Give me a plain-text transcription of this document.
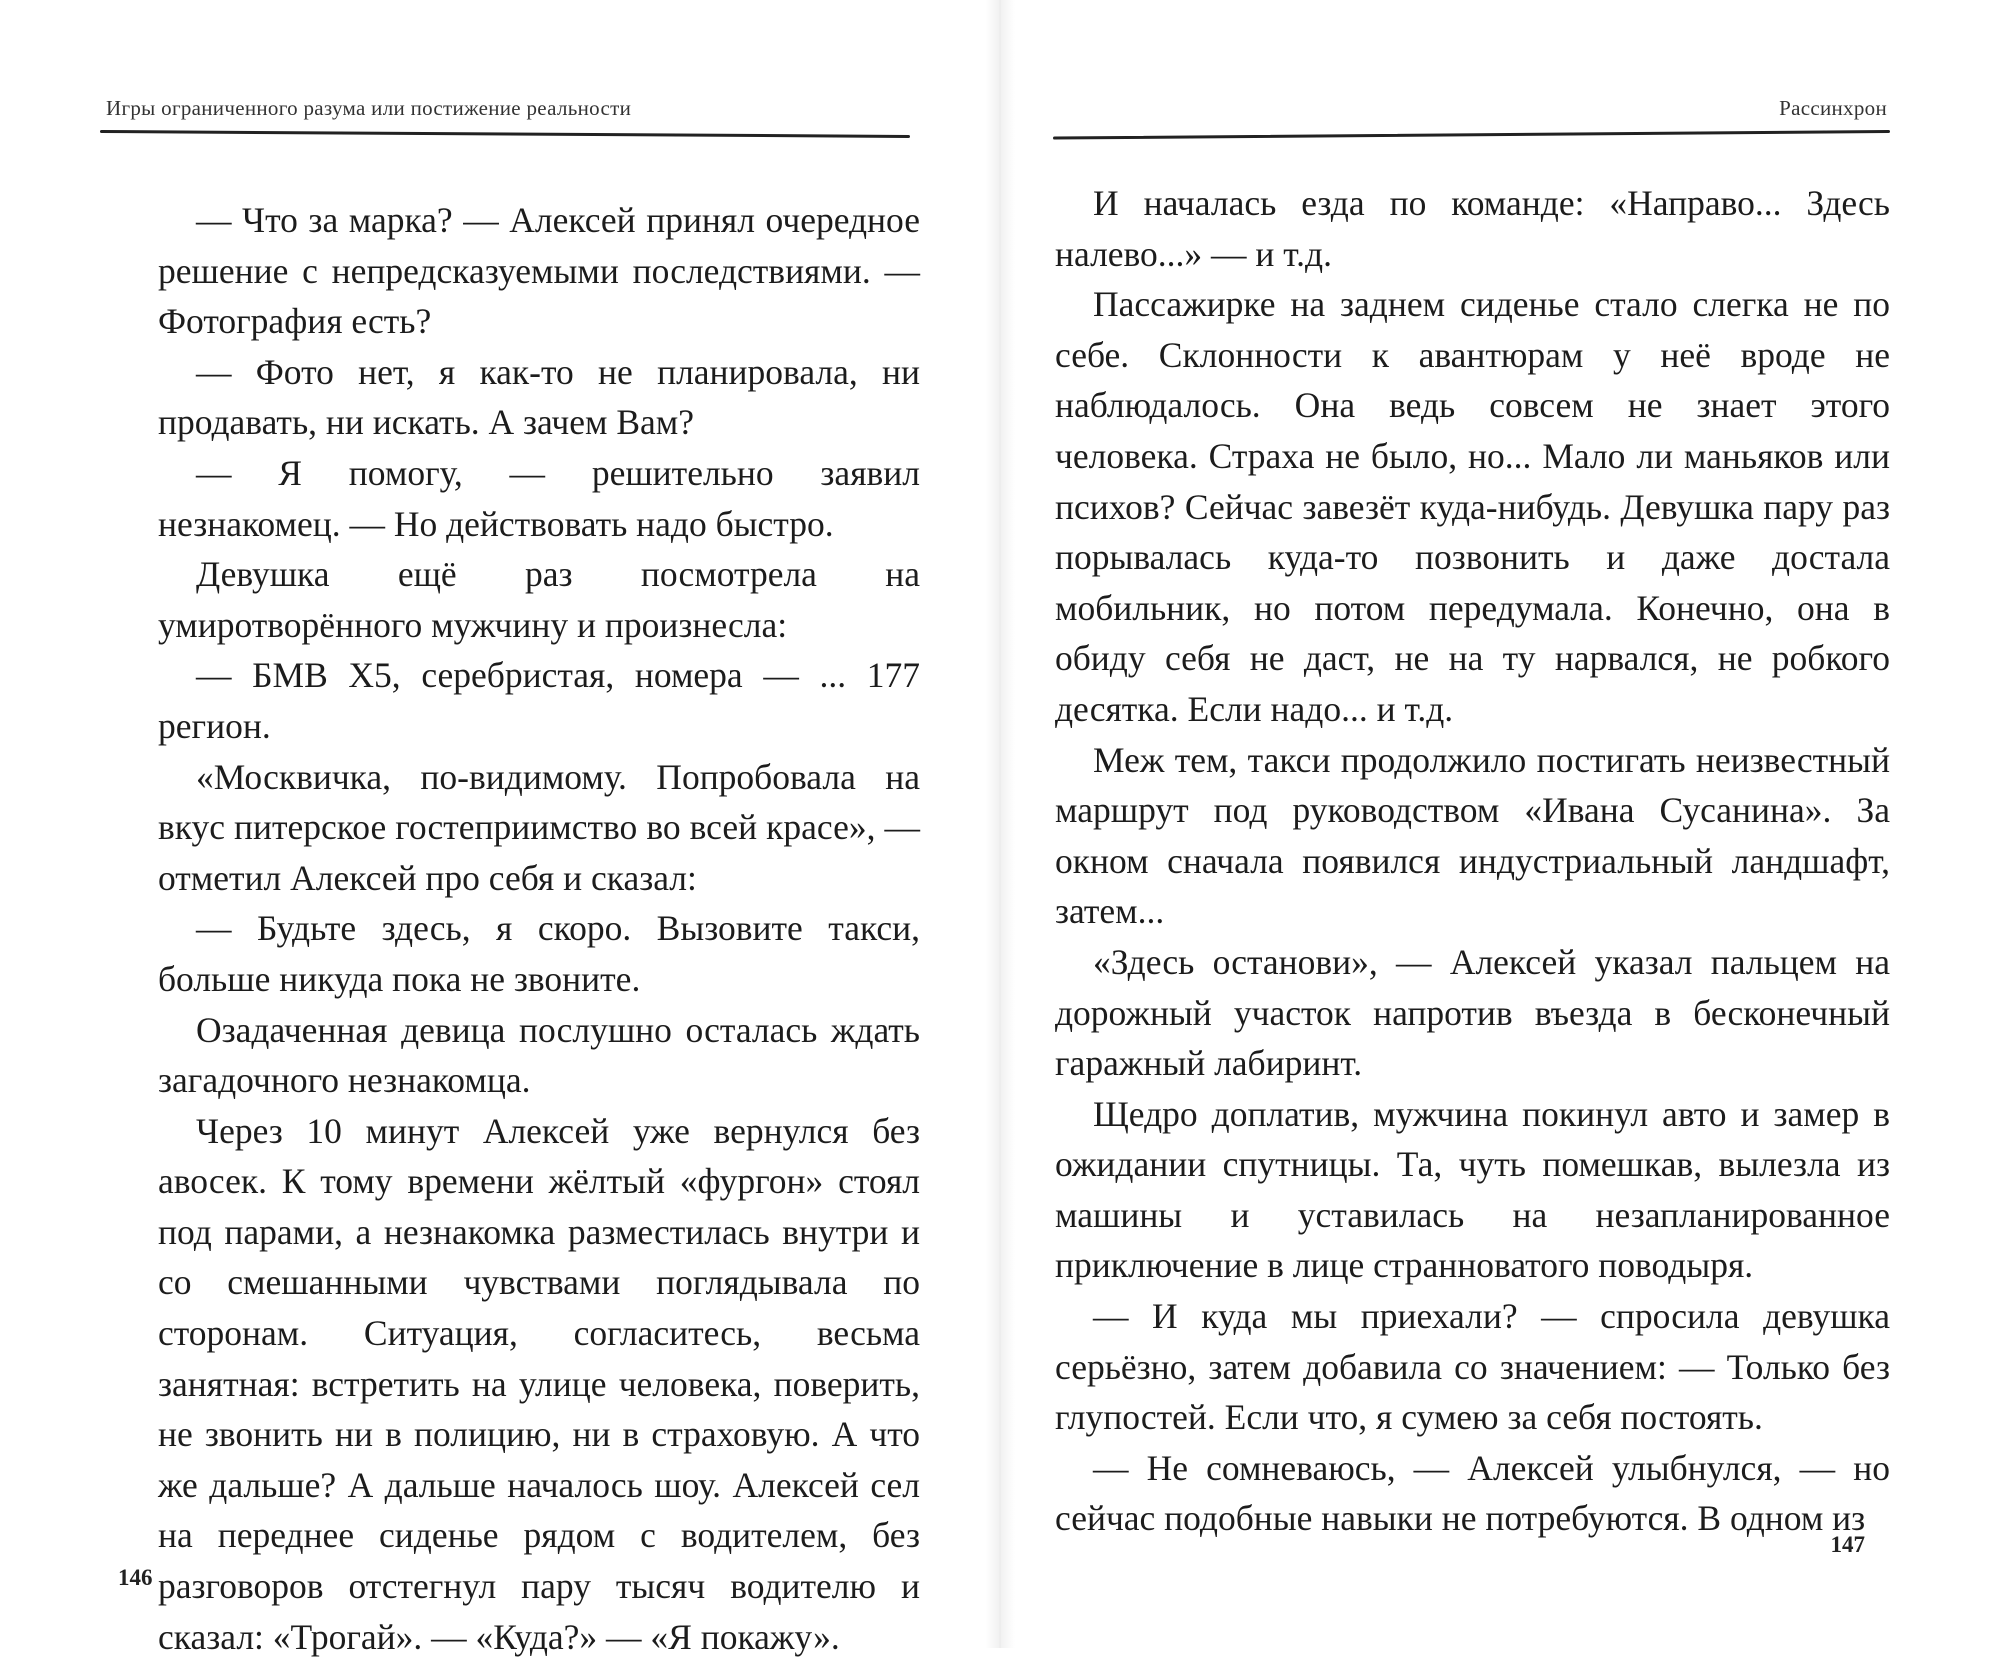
Игры ограниченного разума или постижение реальности

— Что за марка? — Алексей принял очередное решение с непредсказуемыми последствиями. — Фотография есть?

— Фото нет, я как-то не планировала, ни продавать, ни искать. А зачем Вам?

— Я помогу, — решительно заявил незнакомец. — Но действовать надо быстро.

Девушка ещё раз посмотрела на умиротворённого мужчину и произнесла:

— БМВ Х5, серебристая, номера — ... 177 регион.

«Москвичка, по-видимому. Попробовала на вкус питерское гостеприимство во всей красе», — отметил Алексей про себя и сказал:

— Будьте здесь, я скоро. Вызовите такси, больше никуда пока не звоните.

Озадаченная девица послушно осталась ждать загадочного незнакомца.

Через 10 минут Алексей уже вернулся без авосек. К тому времени жёлтый «фургон» стоял под парами, а незнакомка разместилась внутри и со смешанными чувствами поглядывала по сторонам. Ситуация, согласитесь, весьма занятная: встретить на улице человека, поверить, не звонить ни в полицию, ни в страховую. А что же дальше? А дальше началось шоу. Алексей сел на переднее сиденье рядом с водителем, без разговоров отстегнул пару тысяч водителю и сказал: «Трогай». — «Куда?» — «Я покажу».

146
Рассинхрон

И началась езда по команде: «Направо... Здесь налево...» — и т.д.

Пассажирке на заднем сиденье стало слегка не по себе. Склонности к авантюрам у неё вроде не наблюдалось. Она ведь совсем не знает этого человека. Страха не было, но... Мало ли маньяков или психов? Сейчас завезёт куда-нибудь. Девушка пару раз порывалась куда-то позвонить и даже достала мобильник, но потом передумала. Конечно, она в обиду себя не даст, не на ту нарвался, не робкого десятка. Если надо... и т.д.

Меж тем, такси продолжило постигать неизвестный маршрут под руководством «Ивана Сусанина». За окном сначала появился индустриальный ландшафт, затем...

«Здесь останови», — Алексей указал пальцем на дорожный участок напротив въезда в бесконечный гаражный лабиринт.

Щедро доплатив, мужчина покинул авто и замер в ожидании спутницы. Та, чуть помешкав, вылезла из машины и уставилась на незапланированное приключение в лице странноватого поводыря.

— И куда мы приехали? — спросила девушка серьёзно, затем добавила со значением: — Только без глупостей. Если что, я сумею за себя постоять.

— Не сомневаюсь, — Алексей улыбнулся, — но сейчас подобные навыки не потребуются. В одном из

147
